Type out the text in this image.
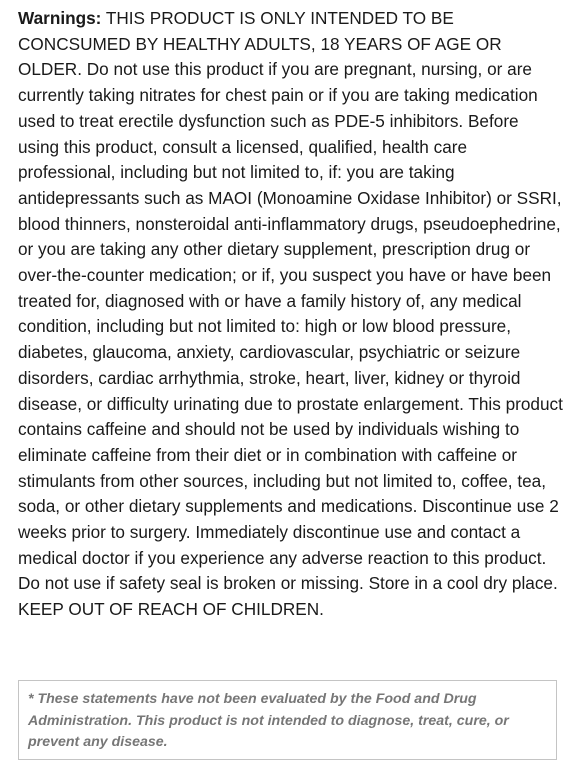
Warnings: THIS PRODUCT IS ONLY INTENDED TO BE CONCSUMED BY HEALTHY ADULTS, 18 YEARS OF AGE OR OLDER. Do not use this product if you are pregnant, nursing, or are currently taking nitrates for chest pain or if you are taking medication used to treat erectile dysfunction such as PDE-5 inhibitors. Before using this product, consult a licensed, qualified, health care professional, including but not limited to, if: you are taking antidepressants such as MAOI (Monoamine Oxidase Inhibitor) or SSRI, blood thinners, nonsteroidal anti-inflammatory drugs, pseudoephedrine, or you are taking any other dietary supplement, prescription drug or over-the-counter medication; or if, you suspect you have or have been treated for, diagnosed with or have a family history of, any medical condition, including but not limited to: high or low blood pressure, diabetes, glaucoma, anxiety, cardiovascular, psychiatric or seizure disorders, cardiac arrhythmia, stroke, heart, liver, kidney or thyroid disease, or difficulty urinating due to prostate enlargement. This product contains caffeine and should not be used by individuals wishing to eliminate caffeine from their diet or in combination with caffeine or stimulants from other sources, including but not limited to, coffee, tea, soda, or other dietary supplements and medications. Discontinue use 2 weeks prior to surgery. Immediately discontinue use and contact a medical doctor if you experience any adverse reaction to this product. Do not use if safety seal is broken or missing. Store in a cool dry place. KEEP OUT OF REACH OF CHILDREN.

* These statements have not been evaluated by the Food and Drug Administration. This product is not intended to diagnose, treat, cure, or prevent any disease.
